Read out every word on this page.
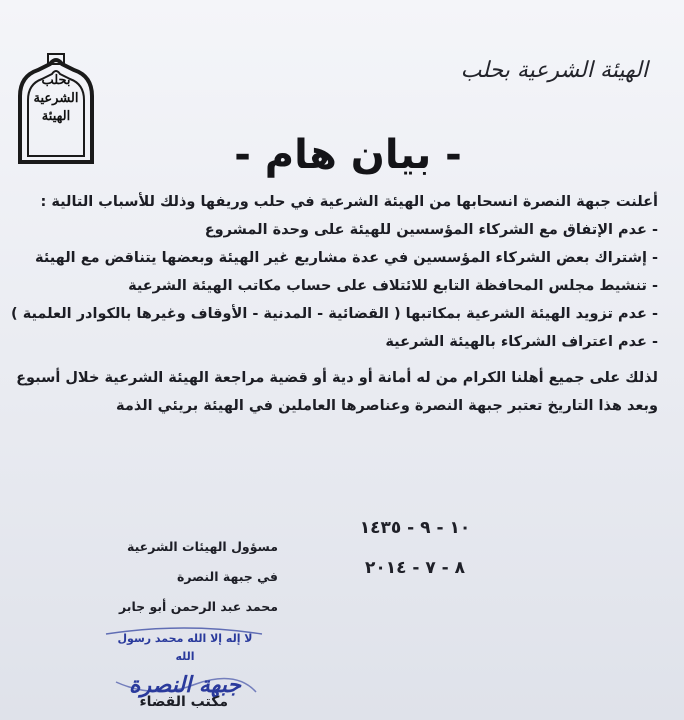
الهيئة الشرعية بحلب
بحلب
الشرعية
الهيئة
- بيان هام -
أعلنت جبهة النصرة انسحابها من الهيئة الشرعية في حلب وريفها وذلك للأسباب التالية :
- عدم الإتفاق مع الشركاء المؤسسين للهيئة على وحدة المشروع
- إشتراك بعض الشركاء المؤسسين في عدة مشاريع غير الهيئة وبعضها يتناقض مع الهيئة
- تنشيط مجلس المحافظة التابع للائتلاف على حساب مكاتب الهيئة الشرعية
- عدم تزويد الهيئة الشرعية بمكاتبها ( القضائية - المدنية - الأوقاف وغيرها بالكوادر العلمية )
- عدم اعتراف الشركاء بالهيئة الشرعية
لذلك على جميع أهلنا الكرام من له أمانة أو دية أو قضية مراجعة الهيئة الشرعية خلال أسبوع
وبعد هذا التاريخ تعتبر جبهة النصرة وعناصرها العاملين في الهيئة بريئي الذمة
١٠ - ٩ - ١٤٣٥
٨ - ٧ - ٢٠١٤
مسؤول الهيئات الشرعية
في جبهة النصرة
محمد عبد الرحمن أبو جابر
لا إله إلا الله محمد رسول الله
جبهة النصرة
مكتب القضاء
